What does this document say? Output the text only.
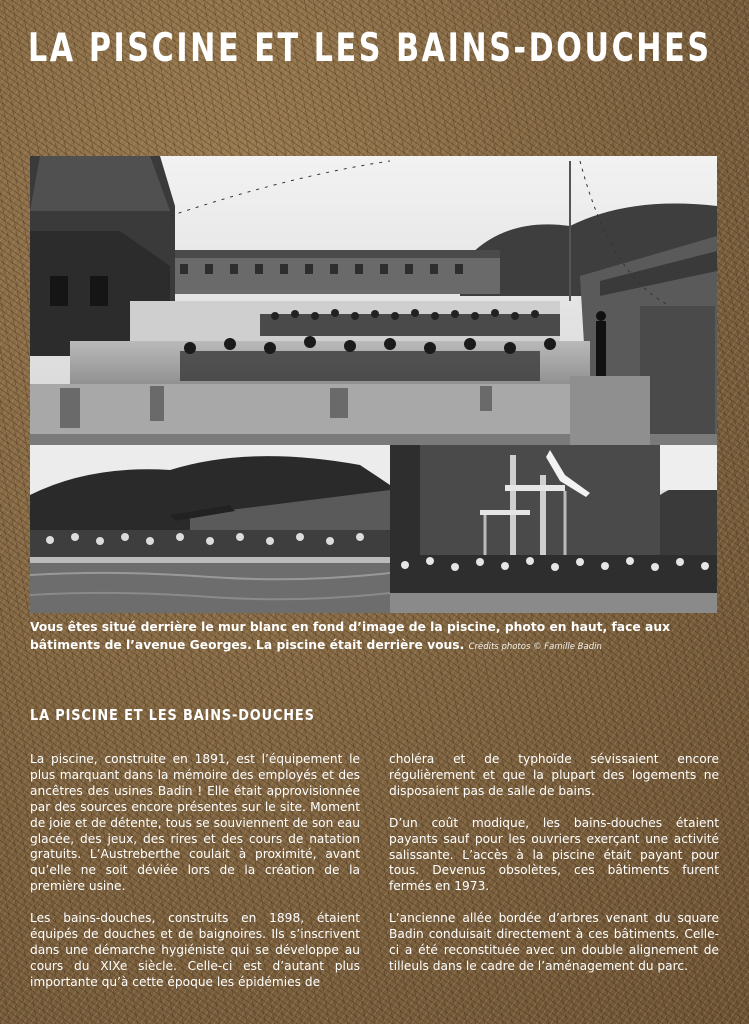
LA PISCINE ET LES BAINS-DOUCHES
Vous êtes situé derrière le mur blanc en fond d’image de la piscine, photo en haut, face aux bâtiments de l’avenue Georges. La piscine était derrière vous. Crédits photos © Famille Badin
LA PISCINE ET LES BAINS-DOUCHES

La piscine, construite en 1891, est l’équipement le plus marquant dans la mémoire des employés et des ancêtres des usines Badin ! Elle était approvisionnée par des sources encore présentes sur le site. Moment de joie et de détente, tous se souviennent de son eau glacée, des jeux, des rires et des cours de natation gratuits. L’Austreberthe coulait à proximité, avant qu’elle ne soit déviée lors de la création de la première usine.

Les bains-douches, construits en 1898, étaient équipés de douches et de baignoires. Ils s’inscrivent dans une démarche hygiéniste qui se développe au cours du XIXe siècle. Celle-ci est d’autant plus importante qu’à cette époque les épidémies de

choléra et de typhoïde sévissaient encore régulièrement et que la plupart des logements ne disposaient pas de salle de bains.

D’un coût modique, les bains-douches étaient payants sauf pour les ouvriers exerçant une activité salissante. L’accès à la piscine était payant pour tous. Devenus obsolètes, ces bâtiments furent fermés en 1973.

L’ancienne allée bordée d’arbres venant du square Badin conduisait directement à ces bâtiments. Celle-ci a été reconstituée avec un double alignement de tilleuls dans le cadre de l’aménagement du parc.
